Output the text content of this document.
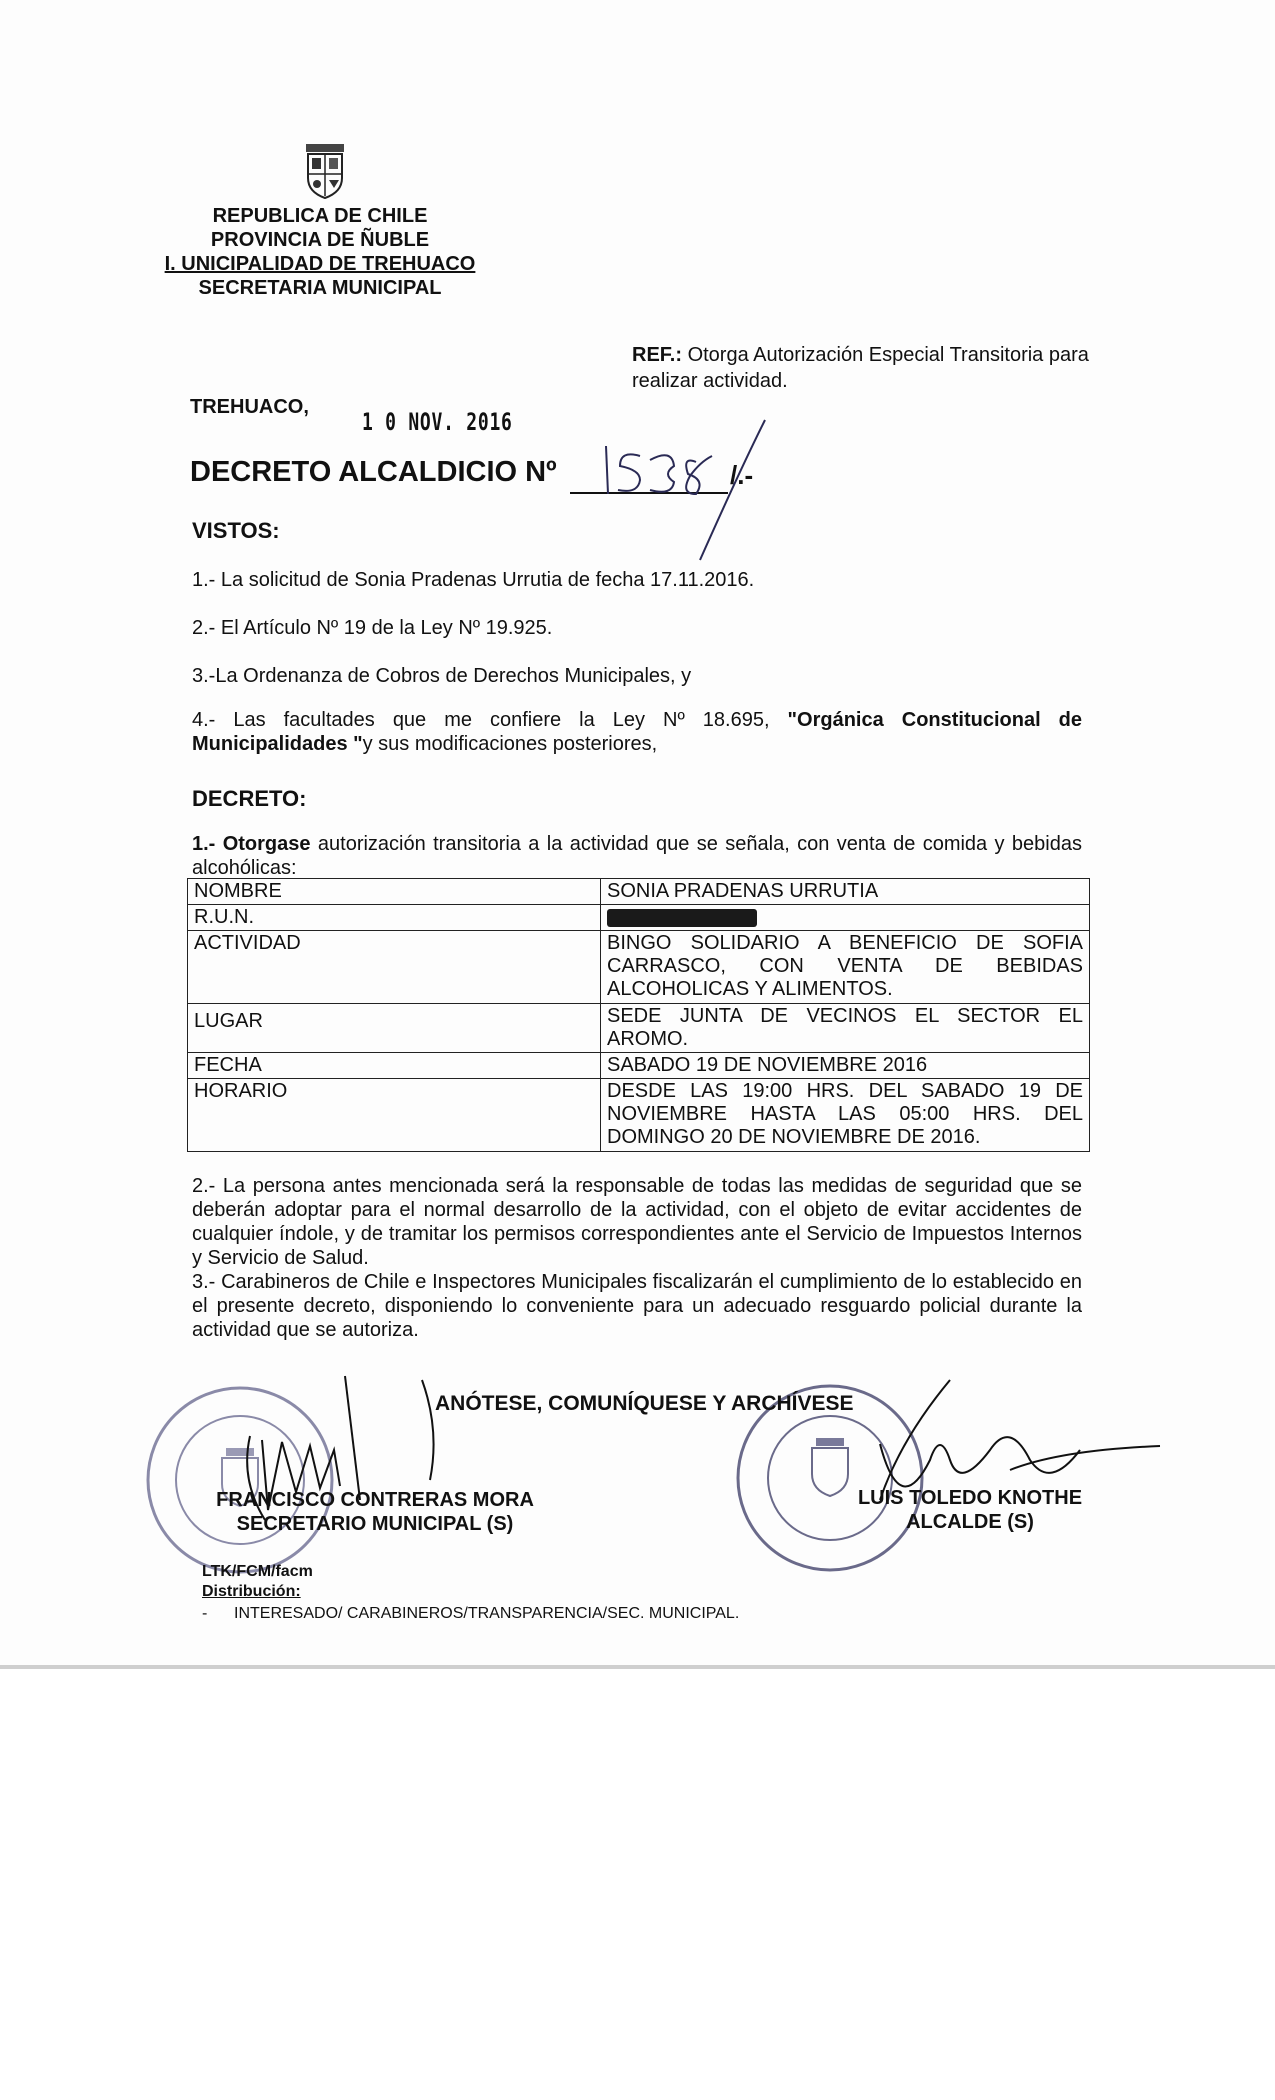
REPUBLICA DE CHILE
PROVINCIA DE ÑUBLE
I. UNICIPALIDAD DE TREHUACO
SECRETARIA MUNICIPAL
REF.: Otorga Autorización Especial Transitoria para realizar actividad.
TREHUACO,
1 0 NOV. 2016
DECRETO ALCALDICIO Nº	/.-
VISTOS:
1.- La solicitud de Sonia Pradenas Urrutia de fecha 17.11.2016.
2.- El Artículo Nº 19 de la Ley Nº 19.925.
3.-La Ordenanza de Cobros de Derechos Municipales, y
4.- Las facultades que me confiere la Ley Nº 18.695, "Orgánica Constitucional de Municipalidades "y sus modificaciones posteriores,
DECRETO:
1.- Otorgase autorización transitoria a la actividad que se señala, con venta de comida y bebidas alcohólicas:
NOMBRE	SONIA PRADENAS URRUTIA
R.U.N.	
ACTIVIDAD	BINGO SOLIDARIO A BENEFICIO DE SOFIA CARRASCO, CON VENTA DE BEBIDAS ALCOHOLICAS Y ALIMENTOS.
LUGAR	SEDE JUNTA DE VECINOS EL SECTOR EL AROMO.
FECHA	SABADO 19 DE NOVIEMBRE 2016
HORARIO	DESDE LAS 19:00 HRS. DEL SABADO 19 DE NOVIEMBRE HASTA LAS 05:00 HRS. DEL DOMINGO 20 DE NOVIEMBRE DE 2016.
2.- La persona antes mencionada será la responsable de todas las medidas de seguridad que se deberán adoptar para el normal desarrollo de la actividad, con el objeto de evitar accidentes de cualquier índole, y de tramitar los permisos correspondientes ante el Servicio de Impuestos Internos y Servicio de Salud.
3.- Carabineros de Chile e Inspectores Municipales fiscalizarán el cumplimiento de lo establecido en el presente decreto, disponiendo lo conveniente para un adecuado resguardo policial durante la actividad que se autoriza.
ANÓTESE, COMUNÍQUESE Y ARCHÍVESE
FRANCISCO CONTRERAS MORA
SECRETARIO MUNICIPAL (S)
LUIS TOLEDO KNOTHE
ALCALDE (S)
LTK/FCM/facm
Distribución:
-      INTERESADO/ CARABINEROS/TRANSPARENCIA/SEC. MUNICIPAL.
